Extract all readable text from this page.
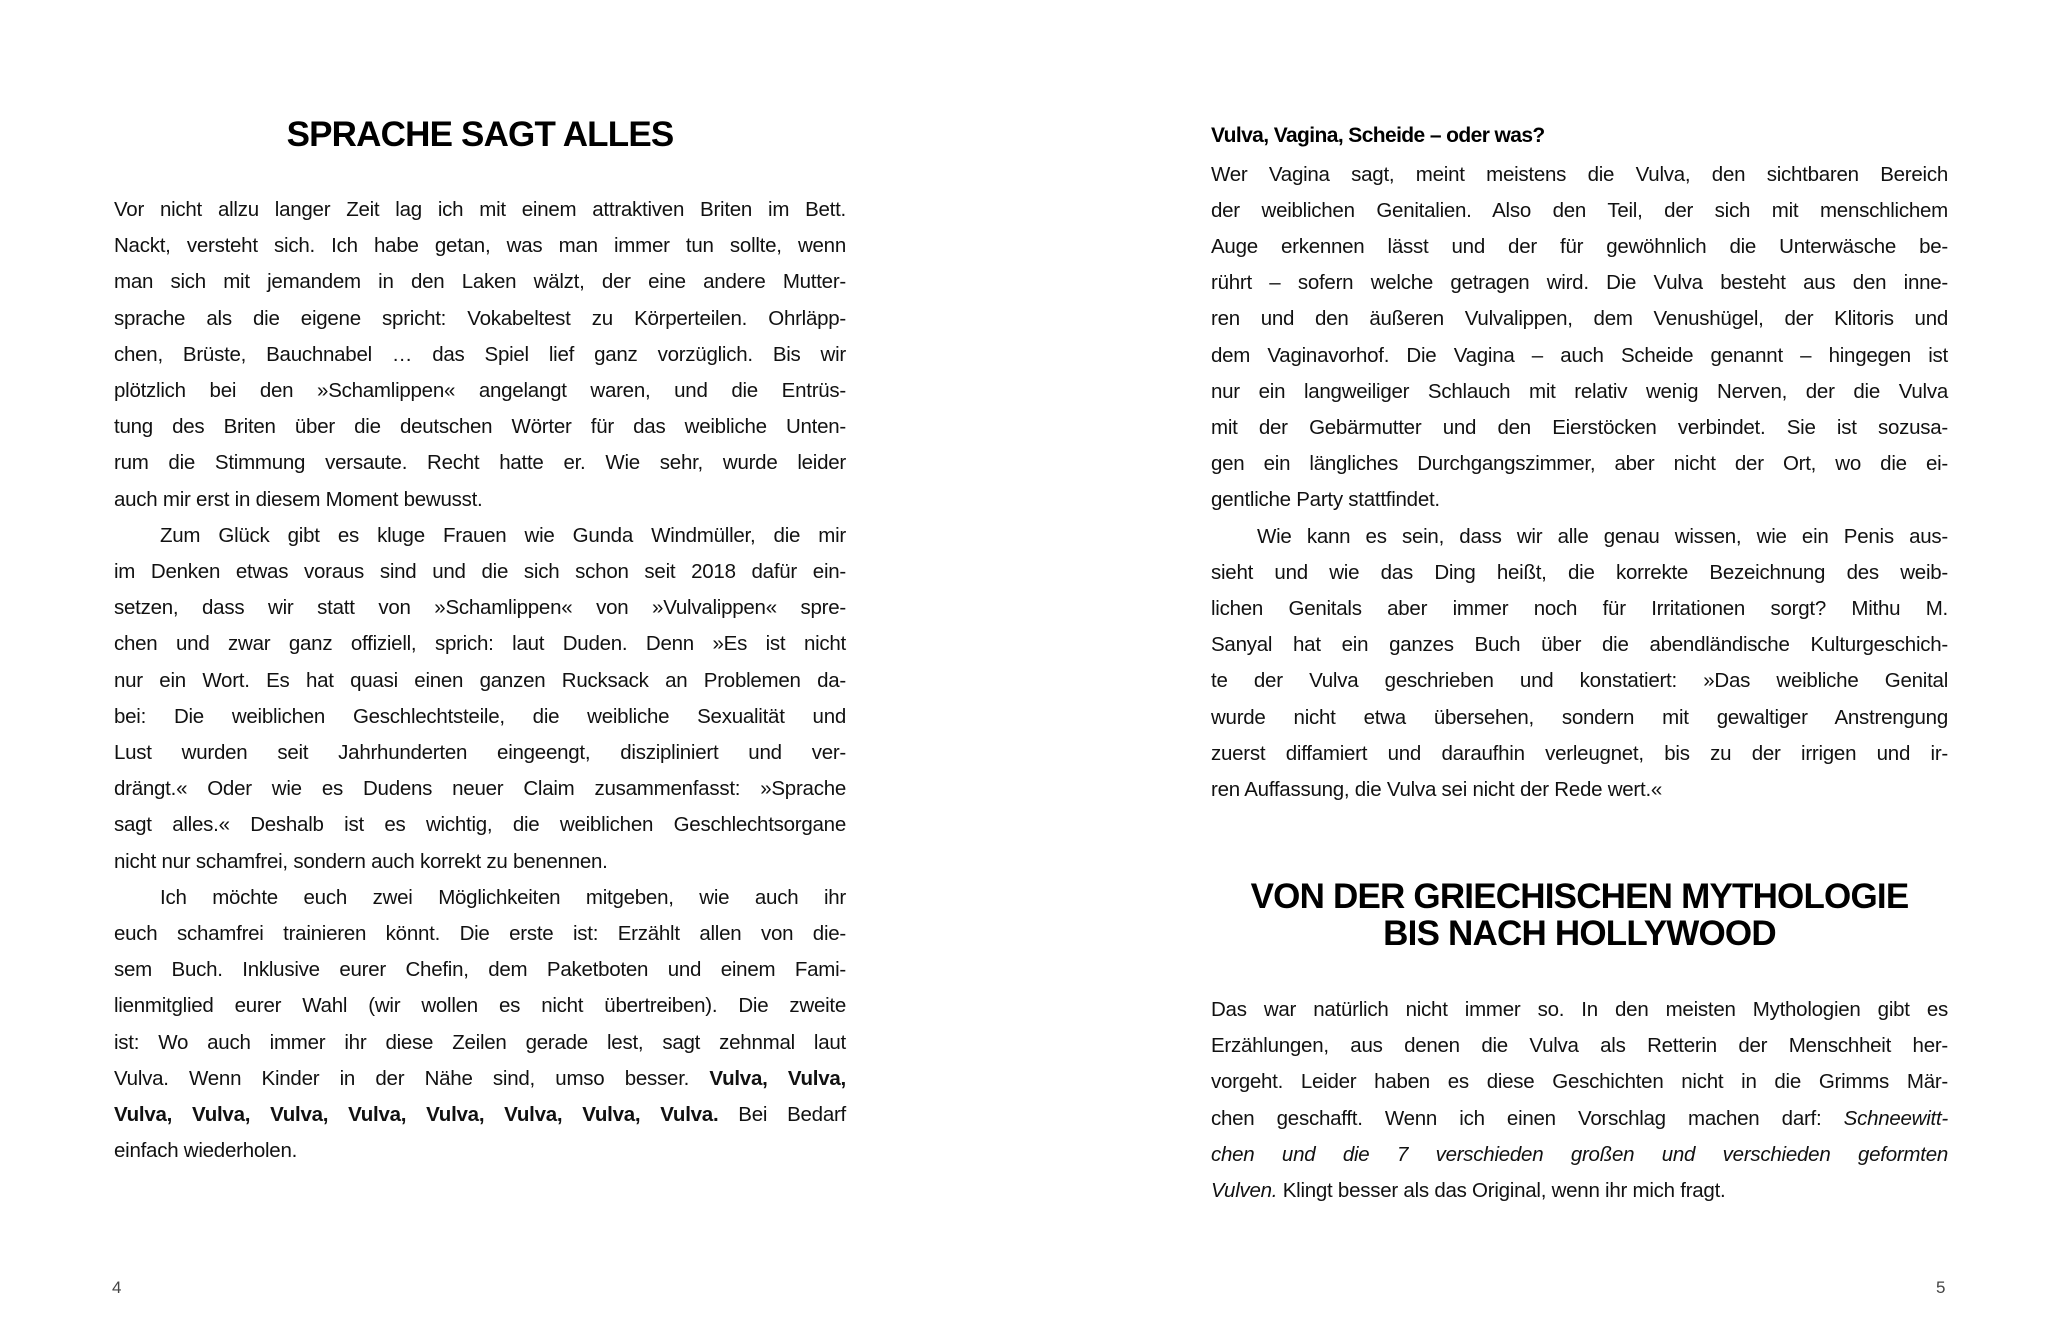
SPRACHE SAGT ALLES	Vulva, Vagina, Scheide – oder was?
VON DER GRIECHISCHEN MYTHOLOGIE
BIS NACH HOLLYWOOD
4	5
Vor nicht allzu langer Zeit lag ich mit einem attraktiven Briten im Bett.
Nackt, versteht sich. Ich habe getan, was man immer tun sollte, wenn
man sich mit jemandem in den Laken wälzt, der eine andere Mutter-
sprache als die eigene spricht: Vokabeltest zu Körperteilen. Ohrläpp-
chen, Brüste, Bauchnabel … das Spiel lief ganz vorzüglich. Bis wir
plötzlich bei den »Schamlippen« angelangt waren, und die Entrüs-
tung des Briten über die deutschen Wörter für das weibliche Unten-
rum die Stimmung versaute. Recht hatte er. Wie sehr, wurde leider
auch mir erst in diesem Moment bewusst.
Zum Glück gibt es kluge Frauen wie Gunda Windmüller, die mir
im Denken etwas voraus sind und die sich schon seit 2018 dafür ein-
setzen, dass wir statt von »Schamlippen« von »Vulvalippen« spre-
chen und zwar ganz offiziell, sprich: laut Duden. Denn »Es ist nicht
nur ein Wort. Es hat quasi einen ganzen Rucksack an Problemen da-
bei: Die weiblichen Geschlechtsteile, die weibliche Sexualität und
Lust wurden seit Jahrhunderten eingeengt, diszipliniert und ver-
drängt.« Oder wie es Dudens neuer Claim zusammenfasst: »Sprache
sagt alles.« Deshalb ist es wichtig, die weiblichen Geschlechtsorgane
nicht nur schamfrei, sondern auch korrekt zu benennen.
Ich möchte euch zwei Möglichkeiten mitgeben, wie auch ihr
euch schamfrei trainieren könnt. Die erste ist: Erzählt allen von die-
sem Buch. Inklusive eurer Chefin, dem Paketboten und einem Fami-
lienmitglied eurer Wahl (wir wollen es nicht übertreiben). Die zweite
ist: Wo auch immer ihr diese Zeilen gerade lest, sagt zehnmal laut
Vulva. Wenn Kinder in der Nähe sind, umso besser. Vulva, Vulva,
Vulva, Vulva, Vulva, Vulva, Vulva, Vulva, Vulva, Vulva. Bei Bedarf
einfach wiederholen.
Wer Vagina sagt, meint meistens die Vulva, den sichtbaren Bereich
der weiblichen Genitalien. Also den Teil, der sich mit menschlichem
Auge erkennen lässt und der für gewöhnlich die Unterwäsche be-
rührt – sofern welche getragen wird. Die Vulva besteht aus den inne-
ren und den äußeren Vulvalippen, dem Venushügel, der Klitoris und
dem Vaginavorhof. Die Vagina – auch Scheide genannt – hingegen ist
nur ein langweiliger Schlauch mit relativ wenig Nerven, der die Vulva
mit der Gebärmutter und den Eierstöcken verbindet. Sie ist sozusa-
gen ein längliches Durchgangszimmer, aber nicht der Ort, wo die ei-
gentliche Party stattfindet.
Wie kann es sein, dass wir alle genau wissen, wie ein Penis aus-
sieht und wie das Ding heißt, die korrekte Bezeichnung des weib-
lichen Genitals aber immer noch für Irritationen sorgt? Mithu M.
Sanyal hat ein ganzes Buch über die abendländische Kulturgeschich-
te der Vulva geschrieben und konstatiert: »Das weibliche Genital
wurde nicht etwa übersehen, sondern mit gewaltiger Anstrengung
zuerst diffamiert und daraufhin verleugnet, bis zu der irrigen und ir-
ren Auffassung, die Vulva sei nicht der Rede wert.«
Das war natürlich nicht immer so. In den meisten Mythologien gibt es
Erzählungen, aus denen die Vulva als Retterin der Menschheit her-
vorgeht. Leider haben es diese Geschichten nicht in die Grimms Mär-
chen geschafft. Wenn ich einen Vorschlag machen darf: Schneewitt-
chen und die 7 verschieden großen und verschieden geformten
Vulven. Klingt besser als das Original, wenn ihr mich fragt.
